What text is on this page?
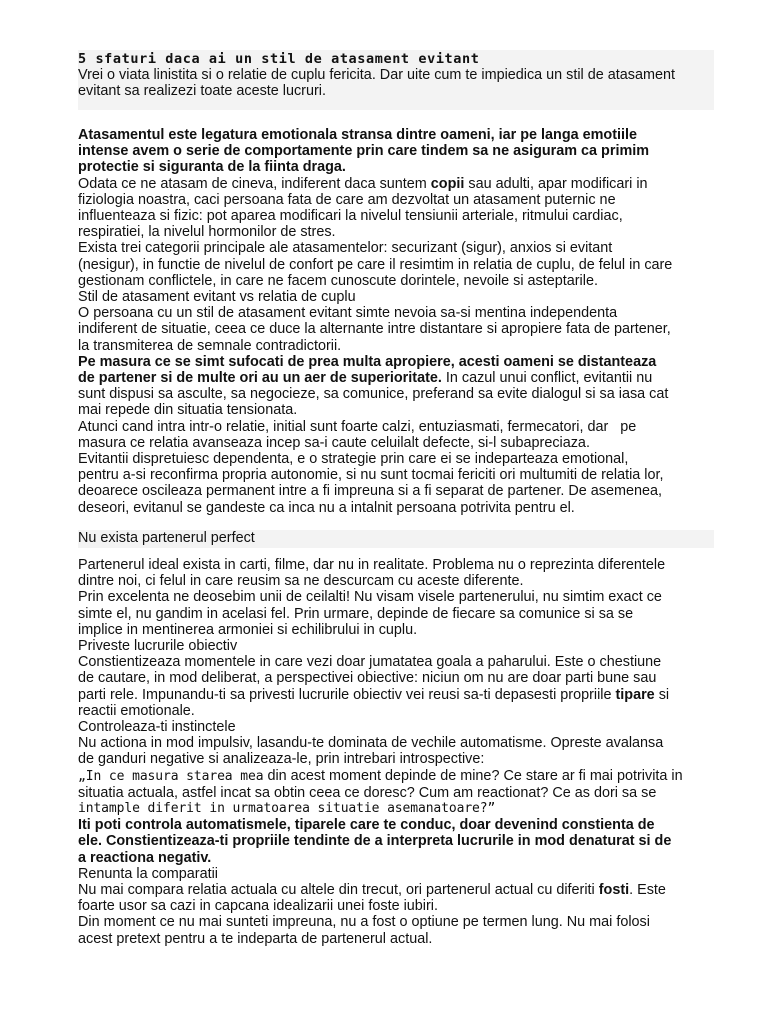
5 sfaturi daca ai un stil de atasament evitant
Vrei o viata linistita si o relatie de cuplu fericita. Dar uite cum te impiedica un stil de atasament
evitant sa realizezi toate aceste lucruri.
Atasamentul este legatura emotionala stransa dintre oameni, iar pe langa emotiile
intense avem o serie de comportamente prin care tindem sa ne asiguram ca primim
protectie si siguranta de la fiinta draga.
Odata ce ne atasam de cineva, indiferent daca suntem copii sau adulti, apar modificari in
fiziologia noastra, caci persoana fata de care am dezvoltat un atasament puternic ne
influenteaza si fizic: pot aparea modificari la nivelul tensiunii arteriale, ritmului cardiac,
respiratiei, la nivelul hormonilor de stres.
Exista trei categorii principale ale atasamentelor: securizant (sigur), anxios si evitant
(nesigur), in functie de nivelul de confort pe care il resimtim in relatia de cuplu, de felul in care
gestionam conflictele, in care ne facem cunoscute dorintele, nevoile si asteptarile.
Stil de atasament evitant vs relatia de cuplu
O persoana cu un stil de atasament evitant simte nevoia sa-si mentina independenta
indiferent de situatie, ceea ce duce la alternante intre distantare si apropiere fata de partener,
la transmiterea de semnale contradictorii.
Pe masura ce se simt sufocati de prea multa apropiere, acesti oameni se distanteaza
de partener si de multe ori au un aer de superioritate. In cazul unui conflict, evitantii nu
sunt dispusi sa asculte, sa negocieze, sa comunice, preferand sa evite dialogul si sa iasa cat
mai repede din situatia tensionata.
Atunci cand intra intr-o relatie, initial sunt foarte calzi, entuziasmati, fermecatori, dar   pe
masura ce relatia avanseaza incep sa-i caute celuilalt defecte, si-l subapreciaza.
Evitantii dispretuiesc dependenta, e o strategie prin care ei se indeparteaza emotional,
pentru a-si reconfirma propria autonomie, si nu sunt tocmai fericiti ori multumiti de relatia lor,
deoarece oscileaza permanent intre a fi impreuna si a fi separat de partener. De asemenea,
deseori, evitanul se gandeste ca inca nu a intalnit persoana potrivita pentru el.
Nu exista partenerul perfect
Partenerul ideal exista in carti, filme, dar nu in realitate. Problema nu o reprezinta diferentele
dintre noi, ci felul in care reusim sa ne descurcam cu aceste diferente.
Prin excelenta ne deosebim unii de ceilalti! Nu visam visele partenerului, nu simtim exact ce
simte el, nu gandim in acelasi fel. Prin urmare, depinde de fiecare sa comunice si sa se
implice in mentinerea armoniei si echilibrului in cuplu.
Priveste lucrurile obiectiv
Constientizeaza momentele in care vezi doar jumatatea goala a paharului. Este o chestiune
de cautare, in mod deliberat, a perspectivei obiective: niciun om nu are doar parti bune sau
parti rele. Impunandu-ti sa privesti lucrurile obiectiv vei reusi sa-ti depasesti propriile tipare si
reactii emotionale.
Controleaza-ti instinctele
Nu actiona in mod impulsiv, lasandu-te dominata de vechile automatisme. Opreste avalansa
de ganduri negative si analizeaza-le, prin intrebari introspective:
„In ce masura starea mea din acest moment depinde de mine? Ce stare ar fi mai potrivita in
situatia actuala, astfel incat sa obtin ceea ce doresc? Cum am reactionat? Ce as dori sa se
intample diferit in urmatoarea situatie asemanatoare?”
Iti poti controla automatismele, tiparele care te conduc, doar devenind constienta de
ele. Constientizeaza-ti propriile tendinte de a interpreta lucrurile in mod denaturat si de
a reactiona negativ.
Renunta la comparatii
Nu mai compara relatia actuala cu altele din trecut, ori partenerul actual cu diferiti fosti. Este
foarte usor sa cazi in capcana idealizarii unei foste iubiri.
Din moment ce nu mai sunteti impreuna, nu a fost o optiune pe termen lung. Nu mai folosi
acest pretext pentru a te indeparta de partenerul actual.
